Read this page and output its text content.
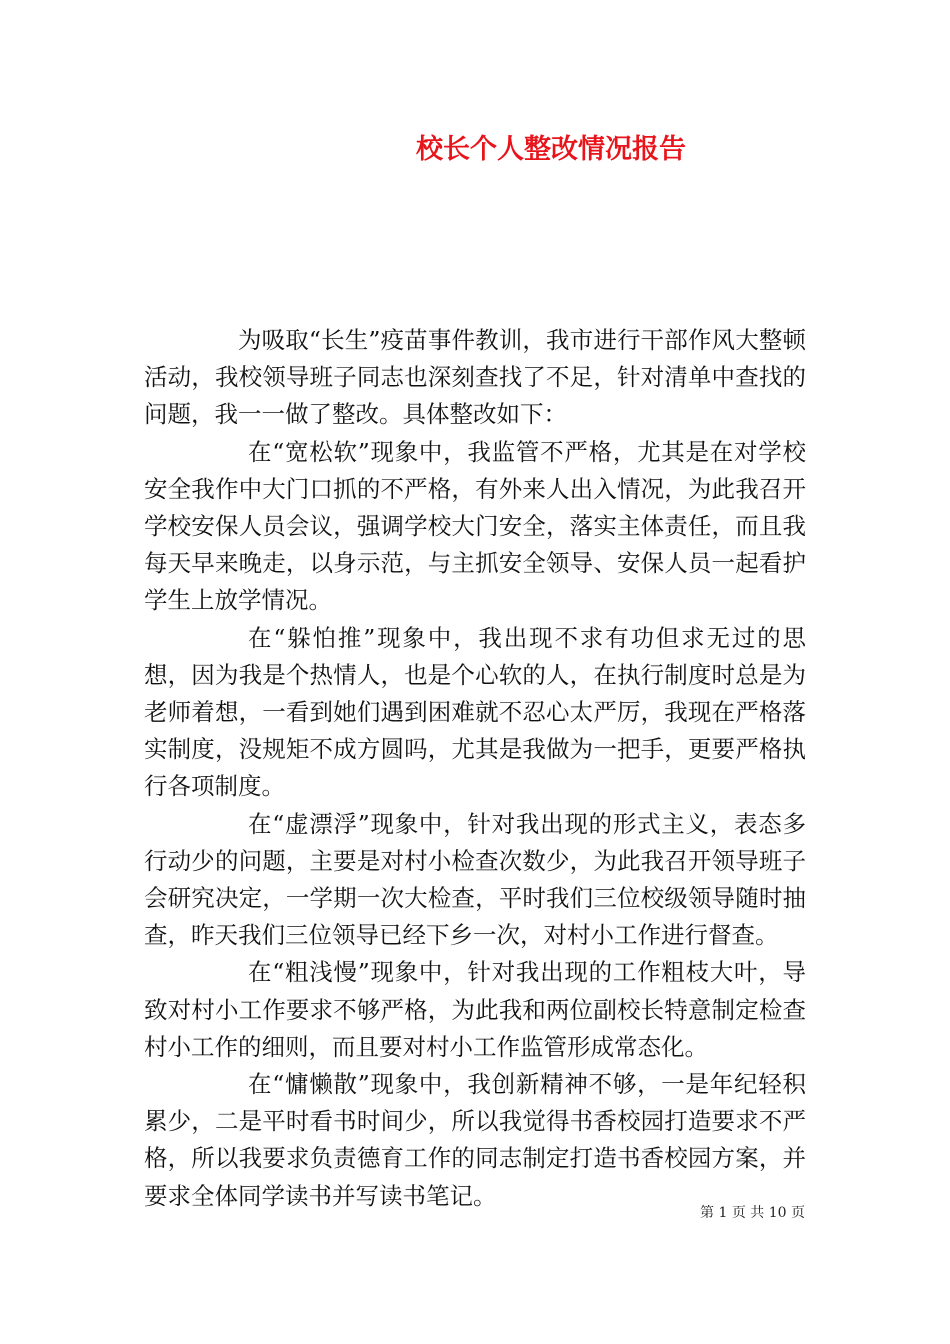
校长个人整改情况报告

为吸取“长生”疫苗事件教训，我市进行干部作风大整顿活动，我校领导班子同志也深刻查找了不足，针对清单中查找的问题，我一一做了整改。具体整改如下：

在“宽松软”现象中，我监管不严格，尤其是在对学校安全我作中大门口抓的不严格，有外来人出入情况，为此我召开学校安保人员会议，强调学校大门安全，落实主体责任，而且我每天早来晚走，以身示范，与主抓安全领导、安保人员一起看护学生上放学情况。

在“躲怕推”现象中，我出现不求有功但求无过的思想，因为我是个热情人，也是个心软的人，在执行制度时总是为老师着想，一看到她们遇到困难就不忍心太严厉，我现在严格落实制度，没规矩不成方圆吗，尤其是我做为一把手，更要严格执行各项制度。

在“虚漂浮”现象中，针对我出现的形式主义，表态多行动少的问题，主要是对村小检查次数少，为此我召开领导班子会研究决定，一学期一次大检查，平时我们三位校级领导随时抽查，昨天我们三位领导已经下乡一次，对村小工作进行督查。

在“粗浅慢”现象中，针对我出现的工作粗枝大叶，导致对村小工作要求不够严格，为此我和两位副校长特意制定检查村小工作的细则，而且要对村小工作监管形成常态化。

在“慵懒散”现象中，我创新精神不够，一是年纪轻积累少，二是平时看书时间少，所以我觉得书香校园打造要求不严格，所以我要求负责德育工作的同志制定打造书香校园方案，并要求全体同学读书并写读书笔记。

第 1 页 共 10 页
